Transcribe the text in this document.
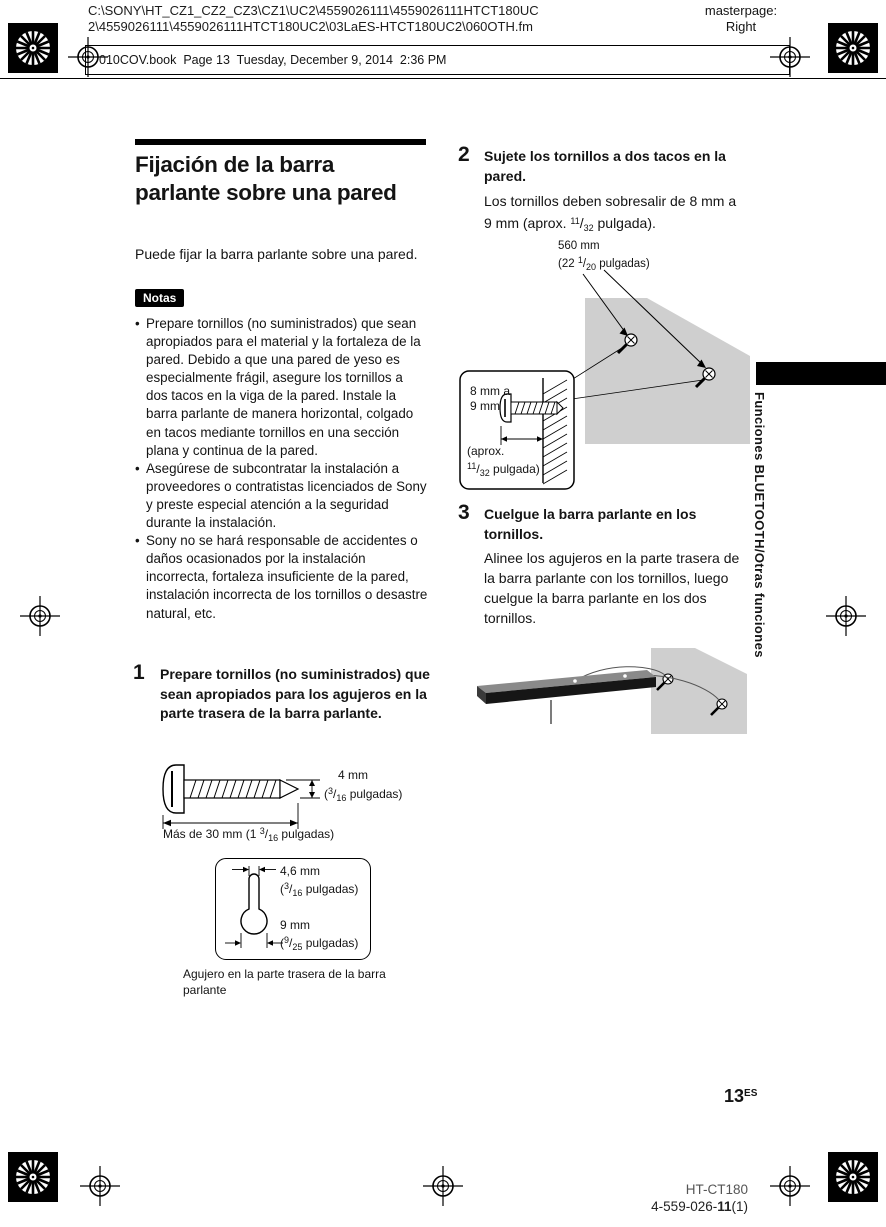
C:\SONY\HT_CZ1_CZ2_CZ3\CZ1\UC2\4559026111\4559026111HTCT180UC
2\4559026111\4559026111HTCT180UC2\03LaES-HTCT180UC2\060OTH.fm
masterpage:
Right
010COV.book  Page 13  Tuesday, December 9, 2014  2:36 PM
Fijación de la barra
parlante sobre una pared
Puede fijar la barra parlante sobre una pared.
Notas
• Prepare tornillos (no suministrados) que sean apropiados para el material y la fortaleza de la pared. Debido a que una pared de yeso es especialmente frágil, asegure los tornillos a dos tacos en la viga de la pared. Instale la barra parlante de manera horizontal, colgado en tacos mediante tornillos en una sección plana y continua de la pared.
• Asegúrese de subcontratar la instalación a proveedores o contratistas licenciados de Sony y preste especial atención a la seguridad durante la instalación.
• Sony no se hará responsable de accidentes o daños ocasionados por la instalación incorrecta, fortaleza insuficiente de la pared, instalación incorrecta de los tornillos o desastre natural, etc.
1 Prepare tornillos (no suministrados) que sean apropiados para los agujeros en la parte trasera de la barra parlante.
4 mm
($^3/_{16}$ pulgadas)
Más de 30 mm (1 $^3/_{16}$ pulgadas)
4,6 mm
($^3/_{16}$ pulgadas)
9 mm
($^9/_{25}$ pulgadas)
Agujero en la parte trasera de la barra parlante
2 Sujete los tornillos a dos tacos en la pared.
Los tornillos deben sobresalir de 8 mm a 9 mm (aprox. $^{11}/_{32}$ pulgada).
560 mm
(22 $^1/_{20}$ pulgadas)
8 mm a
9 mm
(aprox.
$^{11}/_{32}$ pulgada)
3 Cuelgue la barra parlante en los tornillos.
Alinee los agujeros en la parte trasera de la barra parlante con los tornillos, luego cuelgue la barra parlante en los dos tornillos.	Funciones BLUETOOTH/Otras funciones
$13^{ES}$
HT-CT180
4-559-026-11(1)
